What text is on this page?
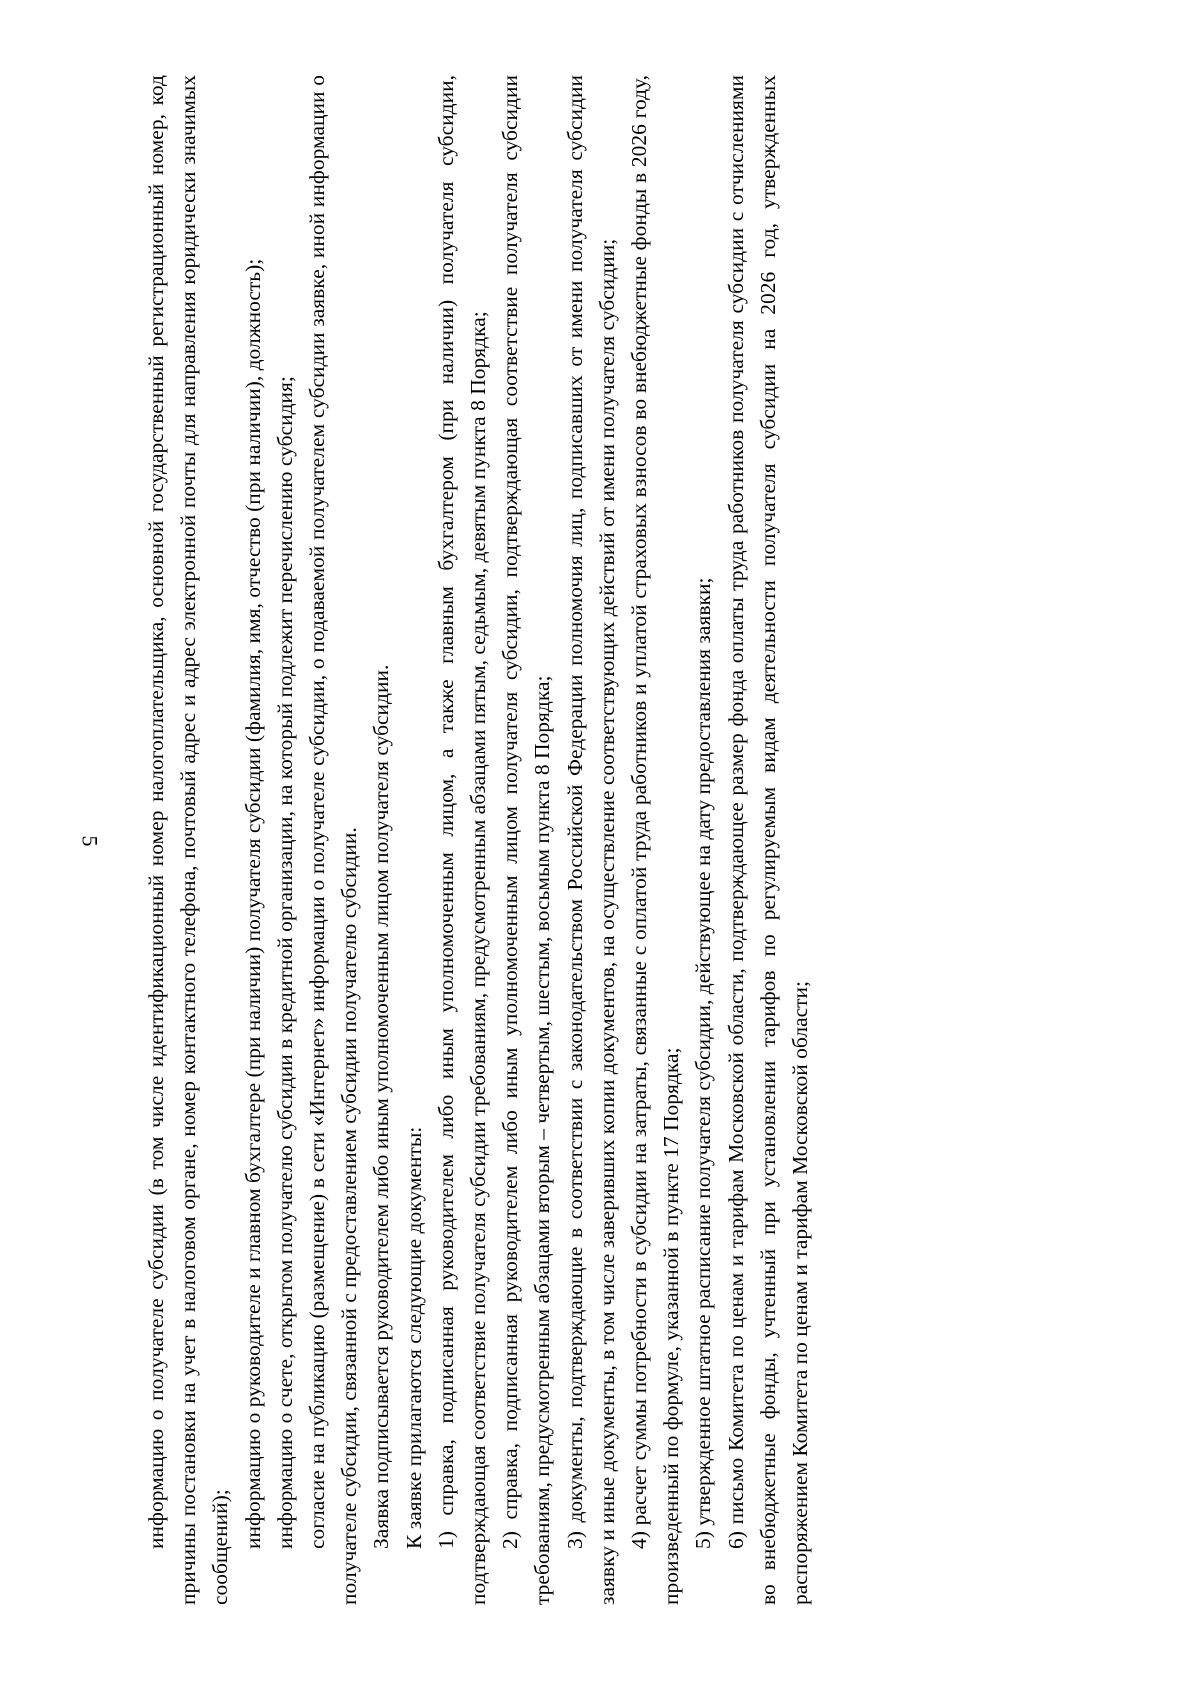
5 информацию о получателе субсидии (в том числе идентификационный номер налогоплательщика, основной государственный регистрационный номер, код причины постановки на учет в налоговом органе, номер контактного телефона, почтовый адрес и адрес электронной почты для направления юридически значимых сообщений); информацию о руководителе и главном бухгалтере (при наличии) получателя субсидии (фамилия, имя, отчество (при наличии), должность); информацию о счете, открытом получателю субсидии в кредитной организации, на который подлежит перечислению субсидия; согласие на публикацию (размещение) в сети «Интернет» информации о получателе субсидии, о подаваемой получателем субсидии заявке, иной информации о получателе субсидии, связанной с предоставлением субсидии получателю субсидии. Заявка подписывается руководителем либо иным уполномоченным лицом получателя субсидии. К заявке прилагаются следующие документы: 1) справка, подписанная руководителем либо иным уполномоченным лицом, а также главным бухгалтером (при наличии) получателя субсидии, подтверждающая соответствие получателя субсидии требованиям, предусмотренным абзацами пятым, седьмым, девятым пункта 8 Порядка; 2) справка, подписанная руководителем либо иным уполномоченным лицом получателя субсидии, подтверждающая соответствие получателя субсидии требованиям, предусмотренным абзацами вторым – четвертым, шестым, восьмым пункта 8 Порядка; 3) документы, подтверждающие в соответствии с законодательством Российской Федерации полномочия лиц, подписавших от имени получателя субсидии заявку и иные документы, в том числе заверивших копии документов, на осуществление соответствующих действий от имени получателя субсидии; 4) расчет суммы потребности в субсидии на затраты, связанные с оплатой труда работников и уплатой страховых взносов во внебюджетные фонды в 2026 году, произведенный по формуле, указанной в пункте 17 Порядка; 5) утвержденное штатное расписание получателя субсидии, действующее на дату предоставления заявки; 6) письмо Комитета по ценам и тарифам Московской области, подтверждающее размер фонда оплаты труда работников получателя субсидии с отчислениями во внебюджетные фонды, учтенный при установлении тарифов по регулируемым видам деятельности получателя субсидии на 2026 год, утвержденных распоряжением Комитета по ценам и тарифам Московской области;
